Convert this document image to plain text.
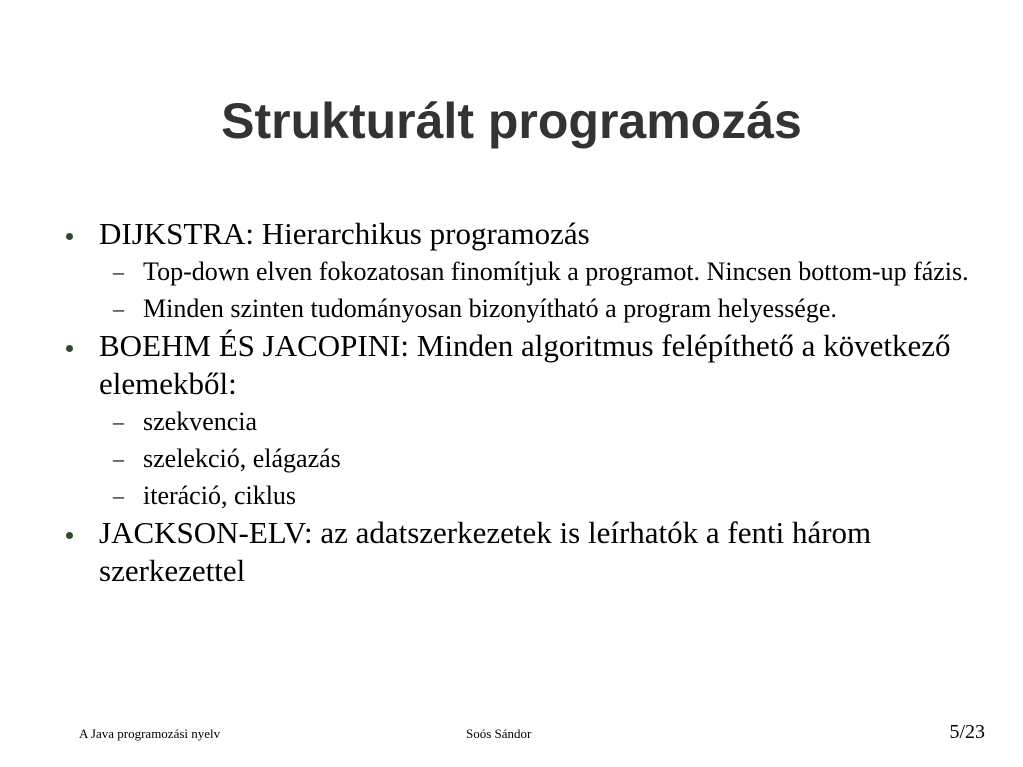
Strukturált programozás
DIJKSTRA: Hierarchikus programozás
– Top-down elven fokozatosan finomítjuk a programot. Nincsen bottom-up fázis.
– Minden szinten tudományosan bizonyítható a program helyessége.
BOEHM ÉS JACOPINI: Minden algoritmus felépíthető a következő elemekből:
– szekvencia
– szelekció, elágazás
– iteráció, ciklus
JACKSON-ELV: az adatszerkezetek is leírhatók a fenti három szerkezettel
A Java programozási nyelv	Soós Sándor	5/23
